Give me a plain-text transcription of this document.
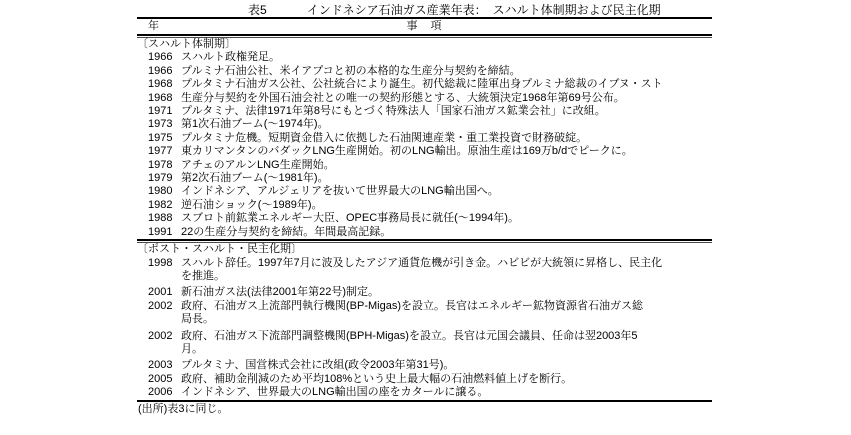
表5	インドネシア石油ガス産業年表：　スハルト体制期および民主化期
年	事　項
〔スハルト体制期〕
1966 スハルト政権発足。
1966 プルミナ石油公社、米イアプコと初の本格的な生産分与契約を締結。
1968 プルタミナ石油ガス公社、公社統合により誕生。初代総裁に陸軍出身プルミナ総裁のイブヌ・スト
1968 生産分与契約を外国石油会社との唯一の契約形態とする、大統領決定1968年第69号公布。
1971 プルタミナ、法律1971年第8号にもとづく特殊法人「国家石油ガス鉱業会社」に改組。
1973 第1次石油ブーム(～1974年)。
1975 プルタミナ危機。短期資金借入に依拠した石油関連産業・重工業投資で財務破綻。
1977 東カリマンタンのバダックLNG生産開始。初のLNG輸出。原油生産は169万b/dでピークに。
1978 アチェのアルンLNG生産開始。
1979 第2次石油ブーム(～1981年)。
1980 インドネシア、アルジェリアを抜いて世界最大のLNG輸出国へ。
1982 逆石油ショック(～1989年)。
1988 スブロト前鉱業エネルギー大臣、OPEC事務局長に就任(～1994年)。
1991 22の生産分与契約を締結。年間最高記録。
〔ポスト・スハルト・民主化期〕
1998 スハルト辞任。1997年7月に波及したアジア通貨危機が引き金。ハビビが大統領に昇格し、民主化
を推進。
2001 新石油ガス法(法律2001年第22号)制定。
2002 政府、石油ガス上流部門執行機関(BP-Migas)を設立。長官はエネルギー鉱物資源省石油ガス総
局長。
2002 政府、石油ガス下流部門調整機関(BPH-Migas)を設立。長官は元国会議員、任命は翌2003年5
月。
2003 プルタミナ、国営株式会社に改組(政令2003年第31号)。
2005 政府、補助金削減のため平均108%という史上最大幅の石油燃料値上げを断行。
2006 インドネシア、世界最大のLNG輸出国の座をカタールに譲る。
(出所)表3に同じ。
